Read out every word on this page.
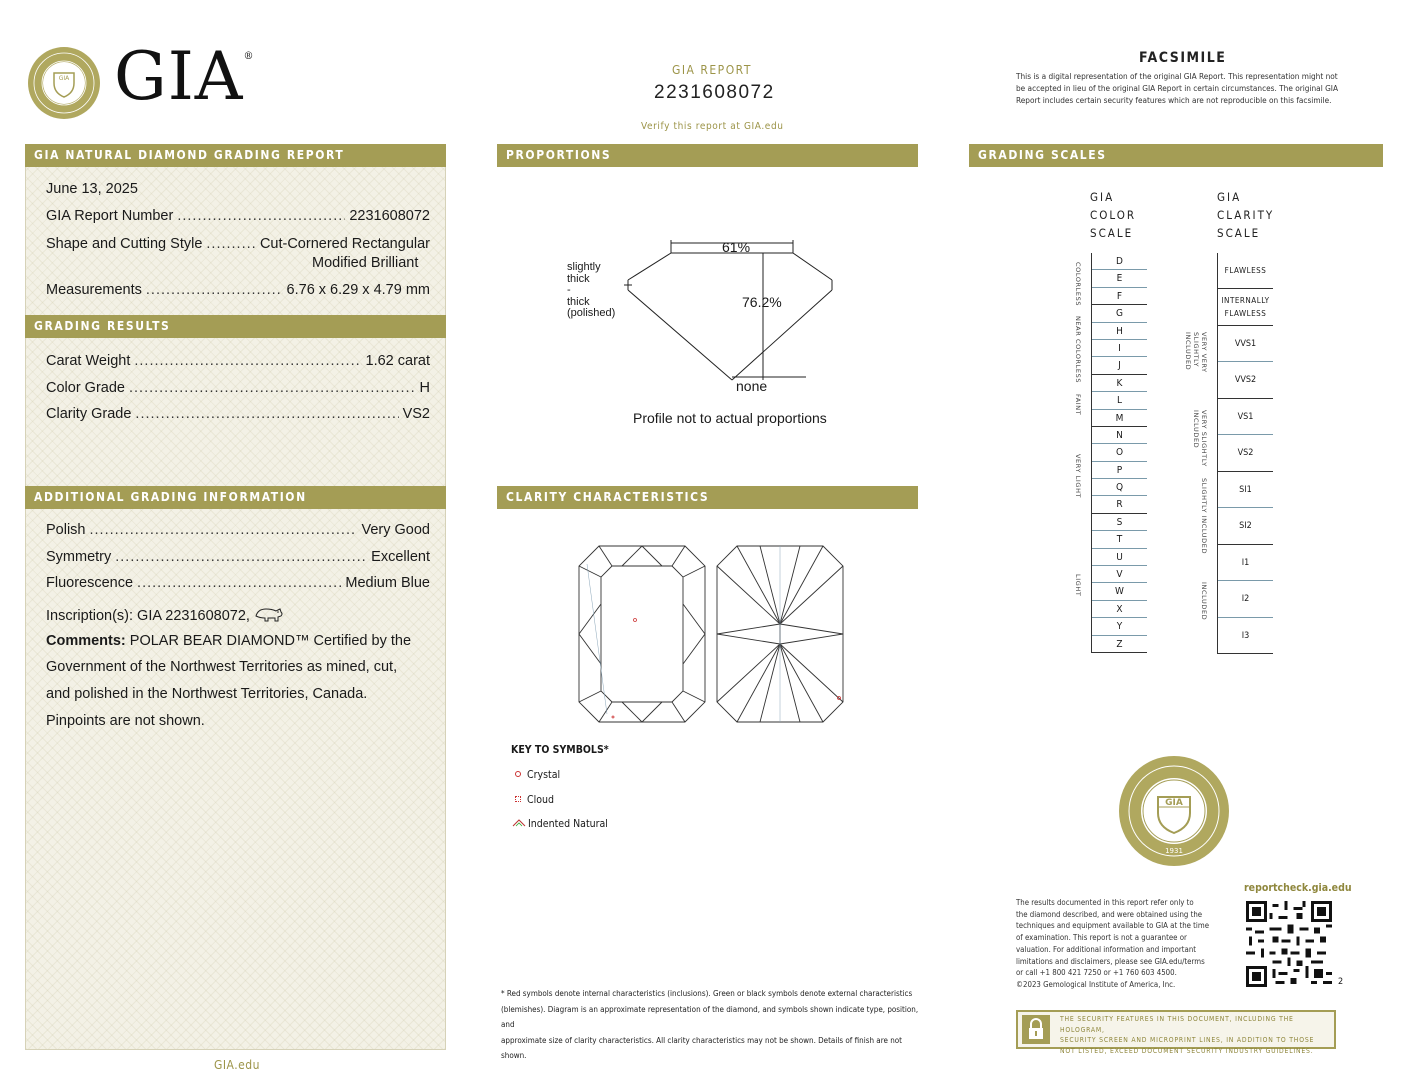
GIA GIA®
GIA REPORT
2231608072
Verify this report at GIA.edu
FACSIMILE
This is a digital representation of the original GIA Report. This representation might not
be accepted in lieu of the original GIA Report in certain circumstances. The original GIA
Report includes certain security features which are not reproducible on this facsimile.
GIA NATURAL DIAMOND GRADING REPORT
June 13, 2025
GIA Report Number .....	2231608072
Shape and Cutting Style .....	Cut-Cornered Rectangular
Modified Brilliant
Measurements .....	6.76 x 6.29 x 4.79 mm
GRADING RESULTS
Carat Weight .....	1.62 carat
Color Grade .....	H
Clarity Grade .....	VS2
ADDITIONAL GRADING INFORMATION
Polish .....	Very Good
Symmetry .....	Excellent
Fluorescence .....	Medium Blue
Inscription(s): GIA 2231608072,
Comments: POLAR BEAR DIAMOND™ Certified by the
Government of the Northwest Territories as mined, cut,
and polished in the Northwest Territories, Canada.
Pinpoints are not shown.
GIA.edu
PROPORTIONS
61%
76.2%
slightly
thick
-
thick
(polished)
none
Profile not to actual proportions
CLARITY CHARACTERISTICS
KEY TO SYMBOLS*
Crystal
Cloud
Indented Natural
* Red symbols denote internal characteristics (inclusions). Green or black symbols denote external characteristics
(blemishes). Diagram is an approximate representation of the diamond, and symbols shown indicate type, position, and
approximate size of clarity characteristics. All clarity characteristics may not be shown. Details of finish are not shown.
GRADING SCALES
GIA
COLOR
SCALE
GIA
CLARITY
SCALE
D
E
F
G
H
I
J
K
L
M
N
O
P
Q
R
S
T
U
V
W
X
Y
Z
COLORLESS
NEAR COLORLESS
FAINT
VERY LIGHT
LIGHT
FLAWLESS
INTERNALLY FLAWLESS
VVS1
VVS2
VS1
VS2
SI1
SI2
I1
I2
I3
VERY VERY SLIGHTLY INCLUDED
VERY SLIGHTLY INCLUDED
SLIGHTLY INCLUDED
INCLUDED
GIA
1931
reportcheck.gia.edu
The results documented in this report refer only to
the diamond described, and were obtained using the
techniques and equipment available to GIA at the time
of examination. This report is not a guarantee or
valuation. For additional information and important
limitations and disclaimers, please see GIA.edu/terms
or call +1 800 421 7250 or +1 760 603 4500.
©2023 Gemological Institute of America, Inc.	2
THE SECURITY FEATURES IN THIS DOCUMENT, INCLUDING THE HOLOGRAM,
SECURITY SCREEN AND MICROPRINT LINES, IN ADDITION TO THOSE
NOT LISTED, EXCEED DOCUMENT SECURITY INDUSTRY GUIDELINES.
